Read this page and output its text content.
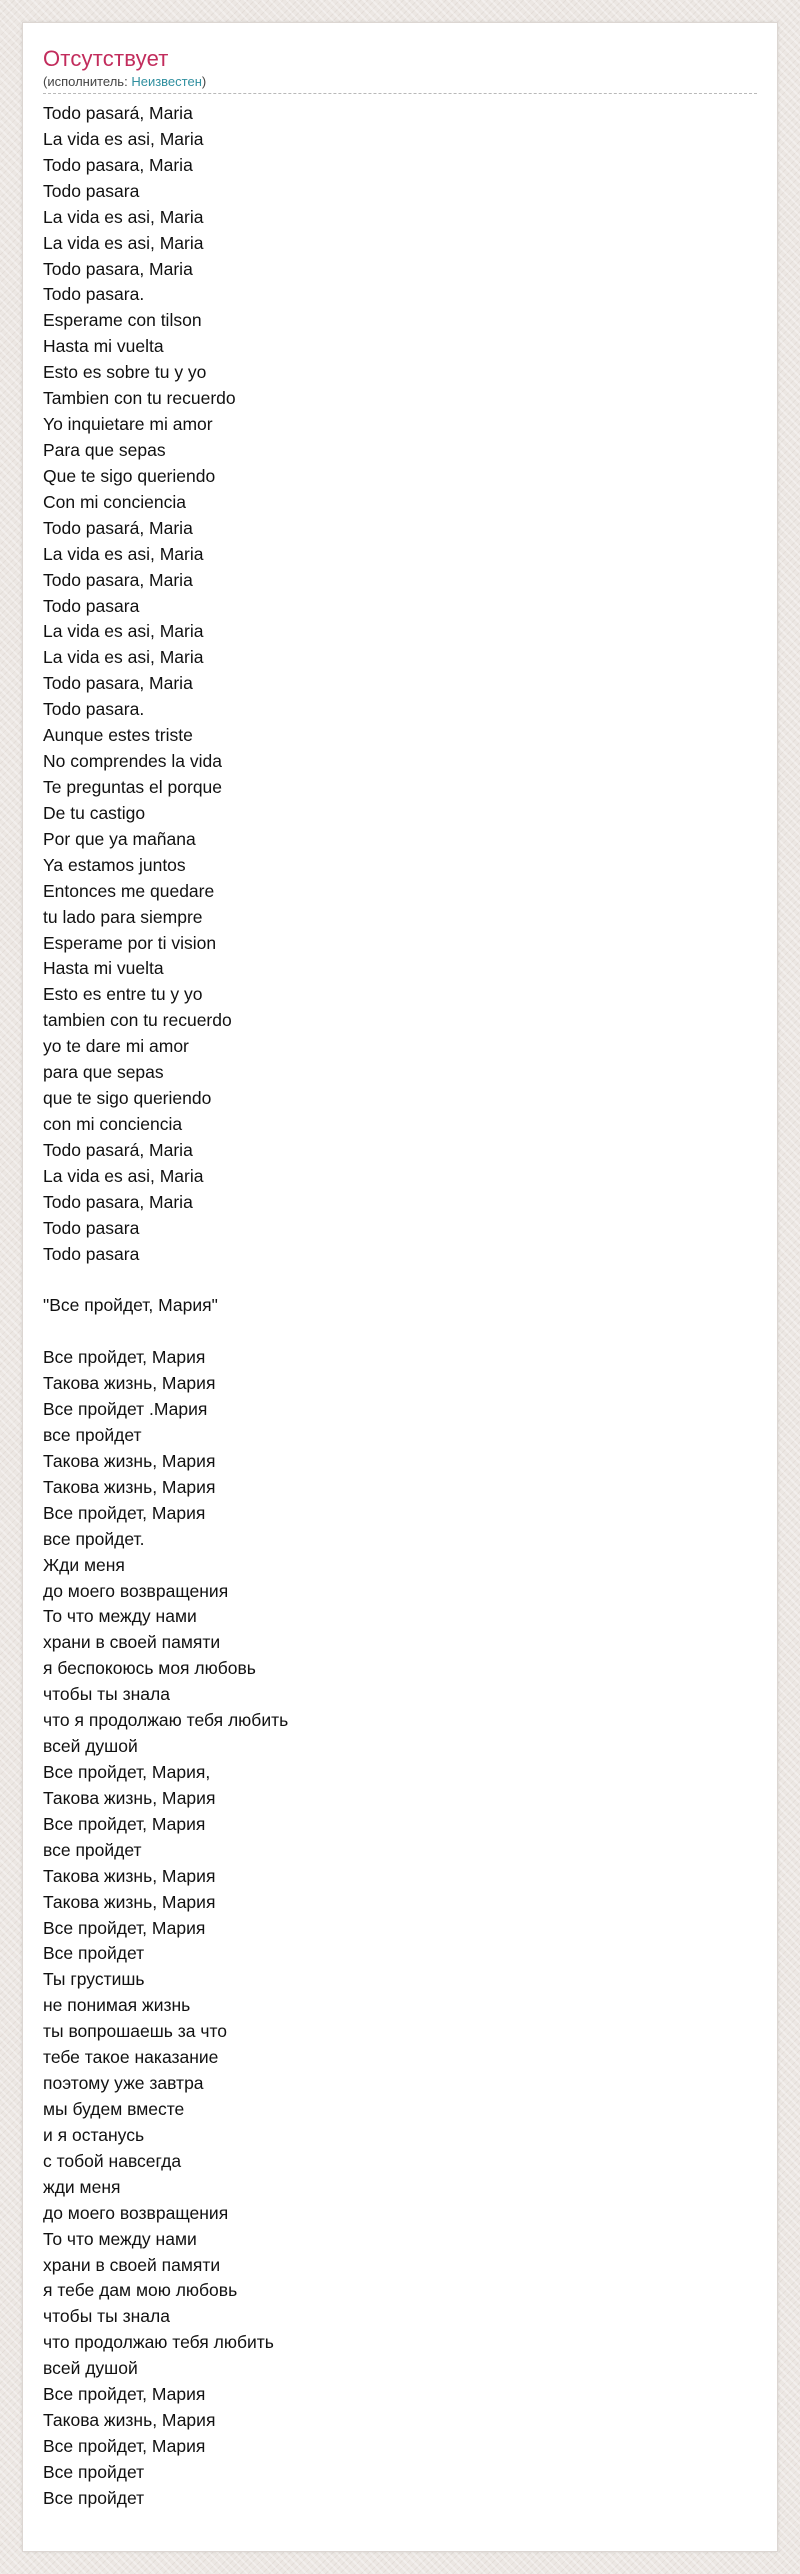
Отсутствует
(исполнитель: Неизвестен)
Todo pasará, Maria
La vida es asi, Maria
Todo pasara, Maria
Todo pasara
La vida es asi, Maria
La vida es asi, Maria
Todo pasara, Maria
Todo pasara.
Esperame con tilson
Hasta mi vuelta
Esto es sobre tu y yo
Tambien con tu recuerdo
Yo inquietare mi amor
Para que sepas
Que te sigo queriendo
Con mi conciencia
Todo pasará, Maria
La vida es asi, Maria
Todo pasara, Maria
Todo pasara
La vida es asi, Maria
La vida es asi, Maria
Todo pasara, Maria
Todo pasara.
Aunque estes triste
No comprendes la vida
Te preguntas el porque
De tu castigo
Por que ya mañana
Ya estamos juntos
Entonces me quedare
tu lado para siempre
Esperame por ti vision
Hasta mi vuelta
Esto es entre tu y yo
tambien con tu recuerdo
yo te dare mi amor
para que sepas
que te sigo queriendo
con mi conciencia
Todo pasará, Maria
La vida es asi, Maria
Todo pasara, Maria
Todo pasara
Todo pasara
"Все пройдет, Мария"
Все пройдет, Мария
Такова жизнь, Мария
Все пройдет .Мария
все пройдет
Такова жизнь, Мария
Такова жизнь, Мария
Все пройдет, Мария
все пройдет.
Жди меня
до моего возвращения
То что между нами
храни в своей памяти
я беспокоюсь моя любовь
чтобы ты знала
что я продолжаю тебя любить
всей душой
Все пройдет, Мария,
Такова жизнь, Мария
Все пройдет, Мария
все пройдет
Такова жизнь, Мария
Такова жизнь, Мария
Все пройдет, Мария
Все пройдет
Ты грустишь
не понимая жизнь
ты вопрошаешь за что
тебе такое наказание
поэтому уже завтра
мы будем вместе
и я останусь
с тобой навсегда
жди меня
до моего возвращения
То что между нами
храни в своей памяти
я тебе дам мою любовь
чтобы ты знала
что продолжаю тебя любить
всей душой
Все пройдет, Мария
Такова жизнь, Мария
Все пройдет, Мария
Все пройдет
Все пройдет
